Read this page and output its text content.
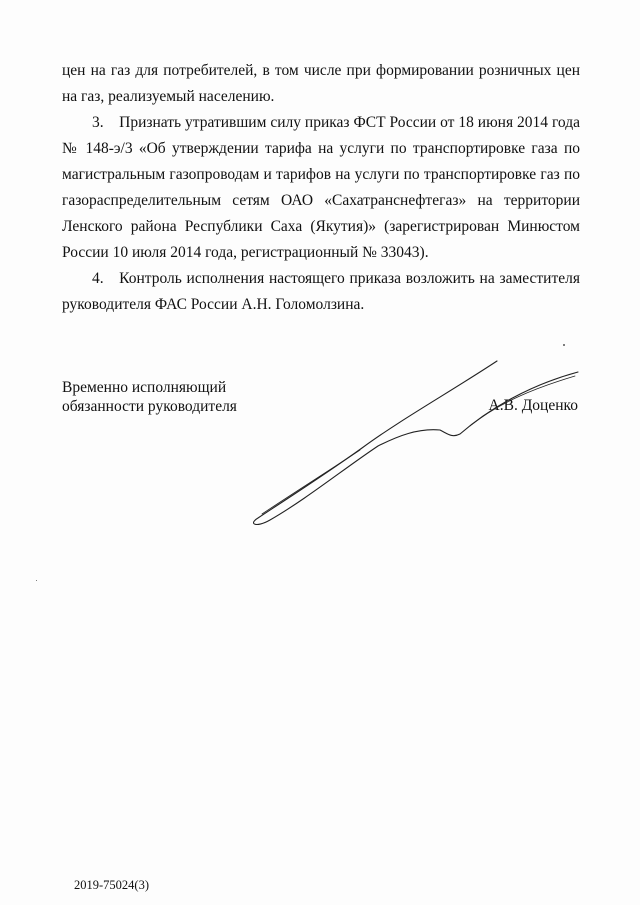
цен на газ для потребителей, в том числе при формировании розничных цен на газ, реализуемый населению.

3. Признать утратившим силу приказ ФСТ России от 18 июня 2014 года № 148-э/3 «Об утверждении тарифа на услуги по транспортировке газа по магистральным газопроводам и тарифов на услуги по транспортировке газ по газораспределительным сетям ОАО «Сахатранснефтегаз» на территории Ленского района Республики Саха (Якутия)» (зарегистрирован Минюстом России 10 июля 2014 года, регистрационный № 33043).

4. Контроль исполнения настоящего приказа возложить на заместителя руководителя ФАС России А.Н. Голомолзина.

Временно исполняющий
обязанности руководителя	А.В. Доценко
2019-75024(3)
